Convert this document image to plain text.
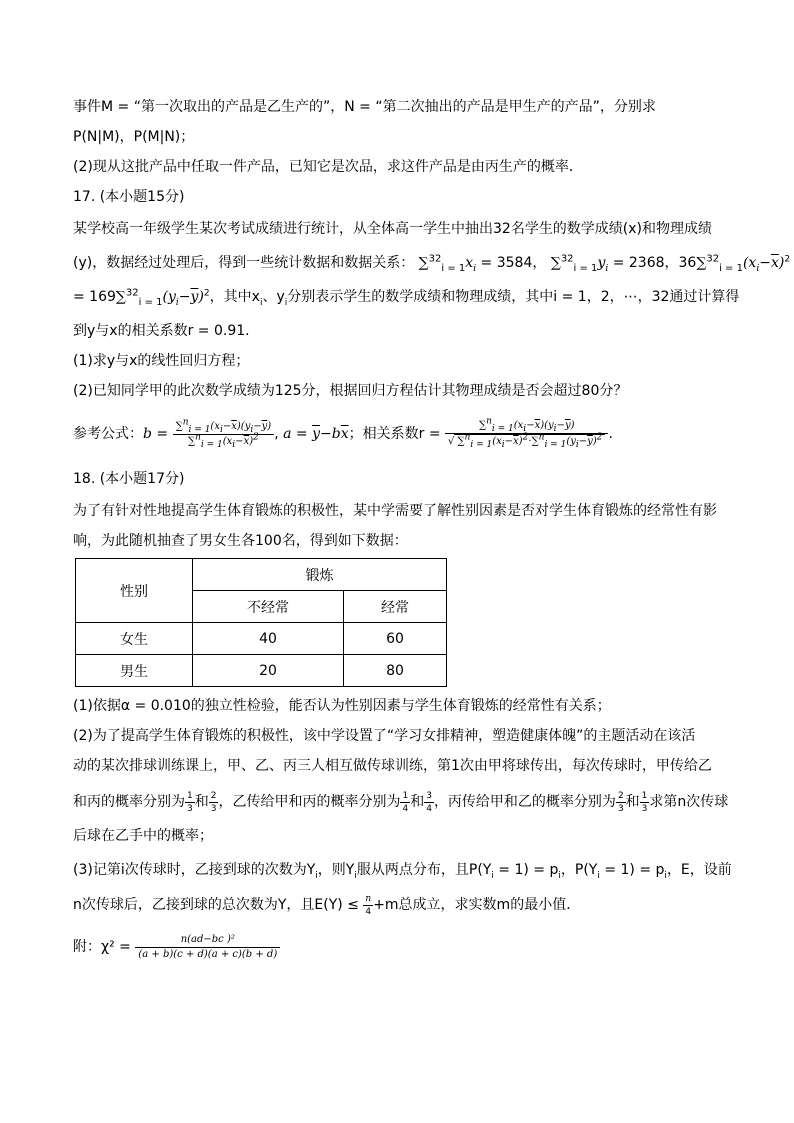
事件M = “第一次取出的产品是乙生产的”，N = “第二次抽出的产品是甲生产的产品”，分别求
P(N|M)，P(M|N)；
(2)现从这批产品中任取一件产品，已知它是次品，求这件产品是由丙生产的概率．
17. (本小题15分)
某学校高一年级学生某次考试成绩进行统计，从全体高一学生中抽出32名学生的数学成绩(x)和物理成绩
(y)，数据经过处理后，得到一些统计数据和数据关系： $\sum^{32}_{i = 1}x_i = 3584$， $\sum^{32}_{i = 1}y_i = 2368$，$36\sum^{32}_{i = 1}(x_i-\overline{x})^2$
= $169\sum^{32}_{i = 1}(y_i-\overline{y})^2$，其中$x_i$、$y_i$分别表示学生的数学成绩和物理成绩，其中i = 1，2，⋯，32通过计算得
到y与x的相关系数r = 0.91.
(1)求y与x的线性回归方程；
(2)已知同学甲的此次数学成绩为125分，根据回归方程估计其物理成绩是否会超过80分？
参考公式： $b = \sum^n_{i = 1}(x_i-\overline{x})(y_i-\overline{y})$
$\sum^n_{i = 1}(x_i-\overline{x})^2$	, $a = \overline{y}-b\overline{x}$ ；相关系数r =
$\frac{\sum^n_{i = 1}(x_i-\overline{x})(y_i-\overline{y})}{√ \sum^n_{i = 1}(x_i-\overline{x})^2\cdot\sum^n_{i = 1}(y_i-\overline{y})^2}$ .
18. (本小题17分)
为了有针对性地提高学生体育锻炼的积极性，某中学需要了解性别因素是否对学生体育锻炼的经常性有影
响，为此随机抽查了男女生各100名，得到如下数据：
性别	锻炼	
	不经常	经常
女生	40	60
男生	20	80
(1)依据α = 0.010的独立性检验，能否认为性别因素与学生体育锻炼的经常性有关系；
(2)为了提高学生体育锻炼的积极性，该中学设置了“学习女排精神，塑造健康体魄”的主题活动在该活
动的某次排球训练课上，甲、乙、丙三人相互做传球训练，第1次由甲将球传出，每次传球时，甲传给乙
和丙的概率分别为 $\frac{1}{3}$ 和 $\frac{2}{3}$ ，乙传给甲和丙的概率分别为 $\frac{1}{4}$ 和 $\frac{3}{4}$ ，丙传给甲和乙的概率分别为 $\frac{2}{3}$ 和 $\frac{1}{3}$ 求第n次传球
后球在乙手中的概率；
(3)记第i次传球时，乙接到球的次数为$Y_i$，则$Y_i$服从两点分布，且$P(Y_i = 1) = p_i$，$P(Y_i = 1) = p_i$，E，设前
n次传球后，乙接到球的总次数为Y，且$E(Y) \le \frac{n}{4} +m$总成立，求实数m的最小值．
附：χ² =
$\frac{\text{n(ad−bc )²}}{(a + b)(c + d)(a + c)(b + d)}$
